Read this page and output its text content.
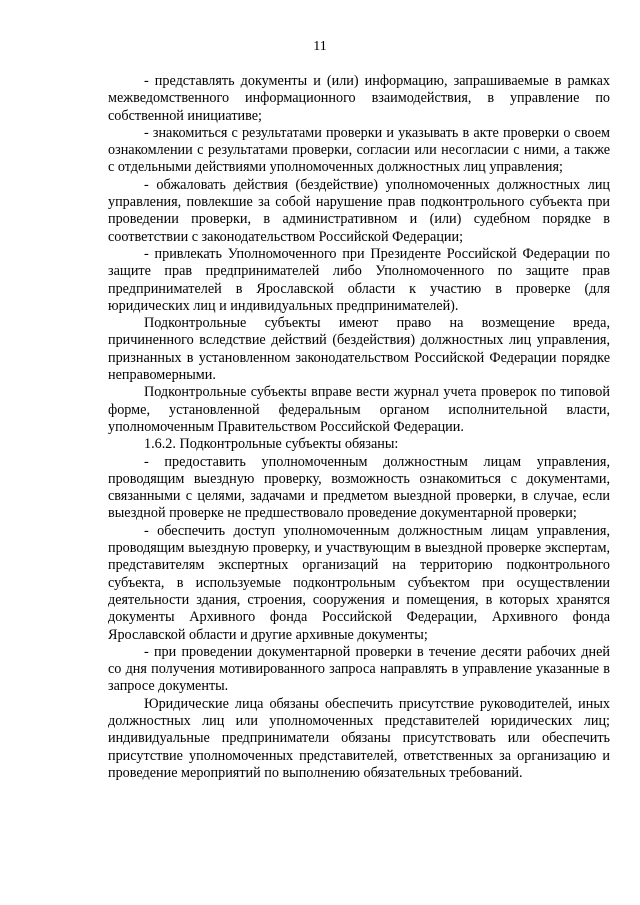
11

- представлять документы и (или) информацию, запрашиваемые в рамках межведомственного информационного взаимодействия, в управление по собственной инициативе;

- знакомиться с результатами проверки и указывать в акте проверки о своем ознакомлении с результатами проверки, согласии или несогласии с ними, а также с отдельными действиями уполномоченных должностных лиц управления;

- обжаловать действия (бездействие) уполномоченных должностных лиц управления, повлекшие за собой нарушение прав подконтрольного субъекта при проведении проверки, в административном и (или) судебном порядке в соответствии с законодательством Российской Федерации;

- привлекать Уполномоченного при Президенте Российской Федерации по защите прав предпринимателей либо Уполномоченного по защите прав предпринимателей в Ярославской области к участию в проверке (для юридических лиц и индивидуальных предпринимателей).

Подконтрольные субъекты имеют право на возмещение вреда, причиненного вследствие действий (бездействия) должностных лиц управления, признанных в установленном законодательством Российской Федерации порядке неправомерными.

Подконтрольные субъекты вправе вести журнал учета проверок по типовой форме, установленной федеральным органом исполнительной власти, уполномоченным Правительством Российской Федерации.

1.6.2. Подконтрольные субъекты обязаны:

- предоставить уполномоченным должностным лицам управления, проводящим выездную проверку, возможность ознакомиться с документами, связанными с целями, задачами и предметом выездной проверки, в случае, если выездной проверке не предшествовало проведение документарной проверки;

- обеспечить доступ уполномоченным должностным лицам управления, проводящим выездную проверку, и участвующим в выездной проверке экспертам, представителям экспертных организаций на территорию подконтрольного субъекта, в используемые подконтрольным субъектом при осуществлении деятельности здания, строения, сооружения и помещения, в которых хранятся документы Архивного фонда Российской Федерации, Архивного фонда Ярославской области и другие архивные документы;

- при проведении документарной проверки в течение десяти рабочих дней со дня получения мотивированного запроса направлять в управление указанные в запросе документы.

Юридические лица обязаны обеспечить присутствие руководителей, иных должностных лиц или уполномоченных представителей юридических лиц; индивидуальные предприниматели обязаны присутствовать или обеспечить присутствие уполномоченных представителей, ответственных за организацию и проведение мероприятий по выполнению обязательных требований.
